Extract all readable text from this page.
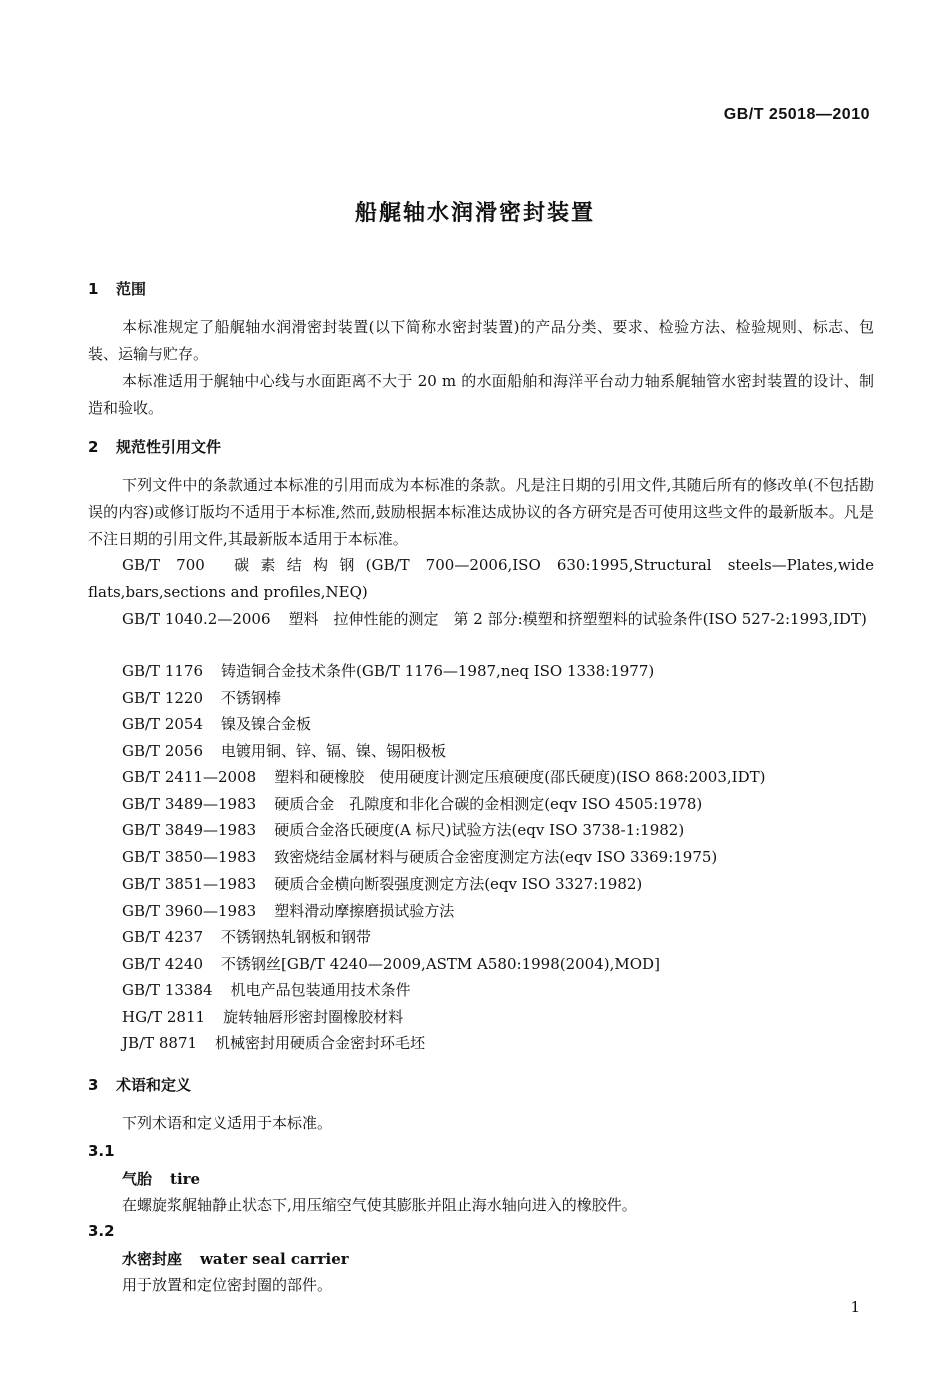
GB/T 25018—2010
船艉轴水润滑密封装置
1 范围
本标准规定了船艉轴水润滑密封装置(以下简称水密封装置)的产品分类、要求、检验方法、检验规则、标志、包装、运输与贮存。
本标准适用于艉轴中心线与水面距离不大于 20 m 的水面船舶和海洋平台动力轴系艉轴管水密封装置的设计、制造和验收。
2 规范性引用文件
下列文件中的条款通过本标准的引用而成为本标准的条款。凡是注日期的引用文件,其随后所有的修改单(不包括勘误的内容)或修订版均不适用于本标准,然而,鼓励根据本标准达成协议的各方研究是否可使用这些文件的最新版本。凡是不注日期的引用文件,其最新版本适用于本标准。
GB/T 700 碳素结构钢(GB/T 700—2006,ISO 630:1995,Structural steels—Plates,wide flats,bars,sections and profiles,NEQ)
GB/T 1040.2—2006 塑料　拉伸性能的测定　第 2 部分:模塑和挤塑塑料的试验条件(ISO 527-2:1993,IDT)
GB/T 1176 铸造铜合金技术条件(GB/T 1176—1987,neq ISO 1338:1977)
GB/T 1220 不锈钢棒
GB/T 2054 镍及镍合金板
GB/T 2056 电镀用铜、锌、镉、镍、锡阳极板
GB/T 2411—2008 塑料和硬橡胶　使用硬度计测定压痕硬度(邵氏硬度)(ISO 868:2003,IDT)
GB/T 3489—1983 硬质合金　孔隙度和非化合碳的金相测定(eqv ISO 4505:1978)
GB/T 3849—1983 硬质合金洛氏硬度(A 标尺)试验方法(eqv ISO 3738-1:1982)
GB/T 3850—1983 致密烧结金属材料与硬质合金密度测定方法(eqv ISO 3369:1975)
GB/T 3851—1983 硬质合金横向断裂强度测定方法(eqv ISO 3327:1982)
GB/T 3960—1983 塑料滑动摩擦磨损试验方法
GB/T 4237 不锈钢热轧钢板和钢带
GB/T 4240 不锈钢丝[GB/T 4240—2009,ASTM A580:1998(2004),MOD]
GB/T 13384 机电产品包装通用技术条件
HG/T 2811 旋转轴唇形密封圈橡胶材料
JB/T 8871 机械密封用硬质合金密封环毛坯
3 术语和定义
下列术语和定义适用于本标准。
3.1
气胎 tire
在螺旋浆艉轴静止状态下,用压缩空气使其膨胀并阻止海水轴向进入的橡胶件。
3.2
水密封座 water seal carrier
用于放置和定位密封圈的部件。
1
